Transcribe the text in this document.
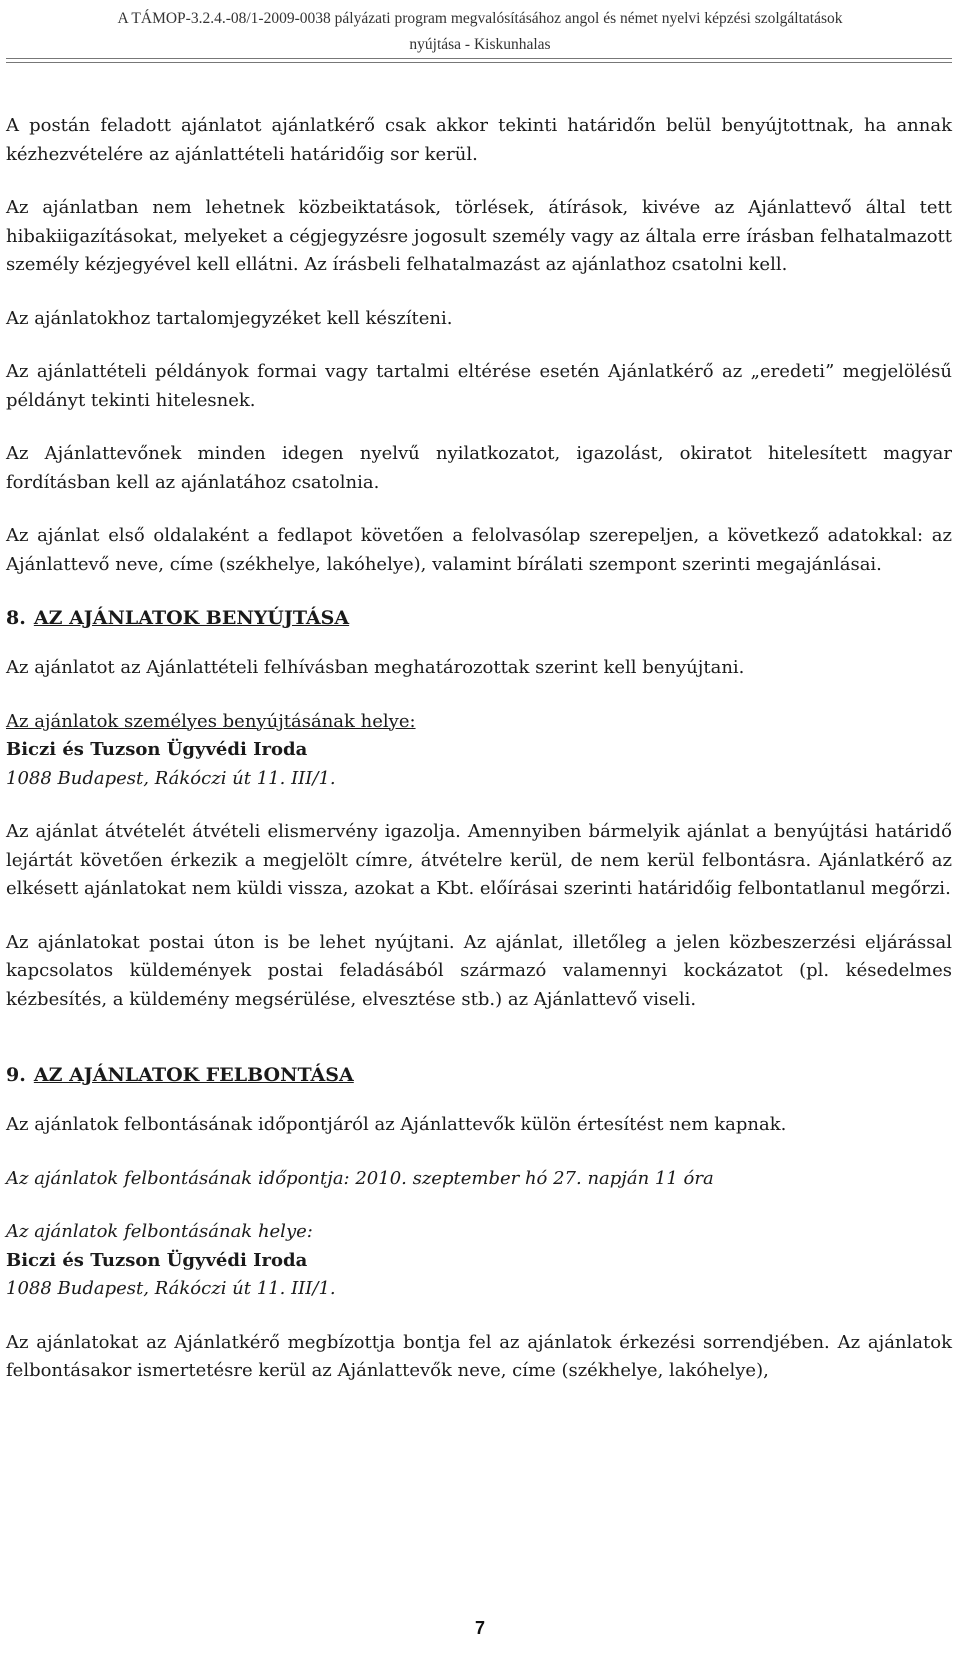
A TÁMOP-3.2.4.-08/1-2009-0038 pályázati program megvalósításához angol és német nyelvi képzési szolgáltatások
nyújtása - Kiskunhalas

A postán feladott ajánlatot ajánlatkérő csak akkor tekinti határidőn belül benyújtottnak, ha annak kézhezvételére az ajánlattételi határidőig sor kerül.

Az ajánlatban nem lehetnek közbeiktatások, törlések, átírások, kivéve az Ajánlattevő által tett hibakiigazításokat, melyeket a cégjegyzésre jogosult személy vagy az általa erre írásban felhatalmazott személy kézjegyével kell ellátni. Az írásbeli felhatalmazást az ajánlathoz csatolni kell.

Az ajánlatokhoz tartalomjegyzéket kell készíteni.

Az ajánlattételi példányok formai vagy tartalmi eltérése esetén Ajánlatkérő az „eredeti” megjelölésű példányt tekinti hitelesnek.

Az Ajánlattevőnek minden idegen nyelvű nyilatkozatot, igazolást, okiratot hitelesített magyar fordításban kell az ajánlatához csatolnia.

Az ajánlat első oldalaként a fedlapot követően a felolvasólap szerepeljen, a következő adatokkal: az Ajánlattevő neve, címe (székhelye, lakóhelye), valamint bírálati szempont szerinti megajánlásai.

8. AZ AJÁNLATOK BENYÚJTÁSA

Az ajánlatot az Ajánlattételi felhívásban meghatározottak szerint kell benyújtani.

Az ajánlatok személyes benyújtásának helye:
Biczi és Tuzson Ügyvédi Iroda
1088 Budapest, Rákóczi út 11. III/1.

Az ajánlat átvételét átvételi elismervény igazolja. Amennyiben bármelyik ajánlat a benyújtási határidő lejártát követően érkezik a megjelölt címre, átvételre kerül, de nem kerül felbontásra. Ajánlatkérő az elkésett ajánlatokat nem küldi vissza, azokat a Kbt. előírásai szerinti határidőig felbontatlanul megőrzi.

Az ajánlatokat postai úton is be lehet nyújtani. Az ajánlat, illetőleg a jelen közbeszerzési eljárással kapcsolatos küldemények postai feladásából származó valamennyi kockázatot (pl. késedelmes kézbesítés, a küldemény megsérülése, elvesztése stb.) az Ajánlattevő viseli.

9. AZ AJÁNLATOK FELBONTÁSA

Az ajánlatok felbontásának időpontjáról az Ajánlattevők külön értesítést nem kapnak.

Az ajánlatok felbontásának időpontja: 2010. szeptember hó 27. napján 11 óra

Az ajánlatok felbontásának helye:
Biczi és Tuzson Ügyvédi Iroda
1088 Budapest, Rákóczi út 11. III/1.

Az ajánlatokat az Ajánlatkérő megbízottja bontja fel az ajánlatok érkezési sorrendjében. Az ajánlatok felbontásakor ismertetésre kerül az Ajánlattevők neve, címe (székhelye, lakóhelye),

7
